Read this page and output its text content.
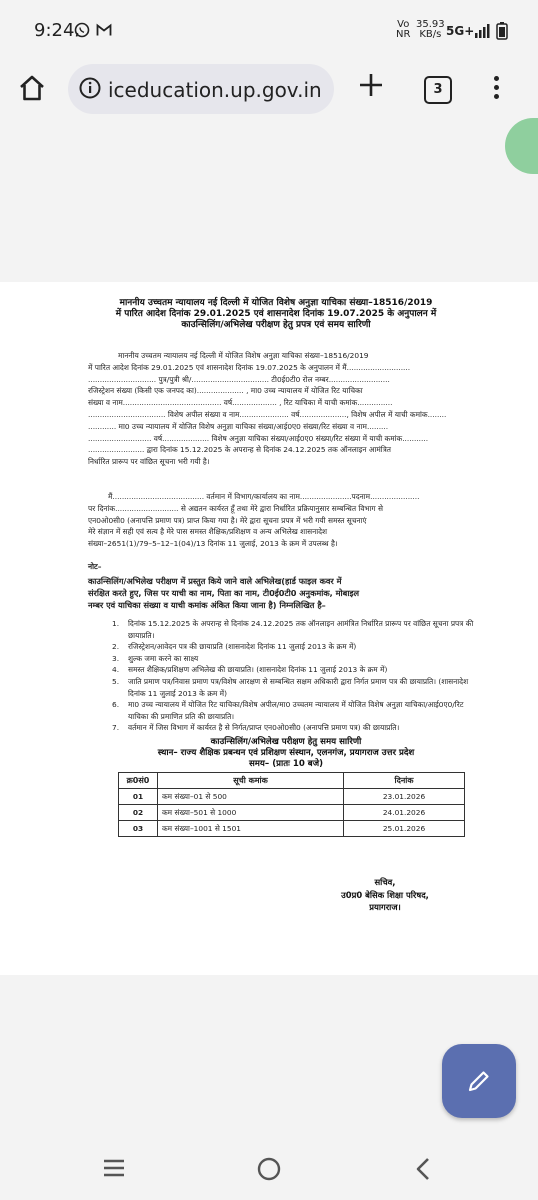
9:24	Vo
NR
35.93
KB/s 5G+
iceducation.up.gov.in	3
माननीय उच्चतम न्यायालय नई दिल्ली में योजित विशेष अनुज्ञा याचिका संख्या–18516/2019
में पारित आदेश दिनांक 29.01.2025 एवं शासनादेश दिनांक 19.07.2025 के अनुपालन में
काउन्सिलिंग/अभिलेख परीक्षण हेतु प्रपत्र एवं समय सारिणी
माननीय उच्चतम न्यायालय नई दिल्ली में योजित विशेष अनुज्ञा याचिका संख्या–18516/2019
में पारित आदेश दिनांक 29.01.2025 एवं शासनादेश दिनांक 19.07.2025 के अनुपालन में मैं...........................
............................. पुत्र/पुत्री श्री/................................. टी0ई0टी0 रोल नम्बर..........................
रजिस्ट्रेशन संख्या (किसी एक जनपद का).................... , मा0 उच्च न्यायालय में योजित रिट याचिका
संख्या व नाम.......................................... वर्ष................... , रिट याचिका में याची कमांक...............
................................. विशेष अपील संख्या व नाम..................... वर्ष...................., विशेष अपील में याची कमांक........
............ मा0 उच्च न्यायालय में योजित विशेष अनुज्ञा याचिका संख्या/आई0ए0 संख्या/रिट संख्या व नाम.........
........................... वर्ष.................... विशेष अनुज्ञा याचिका संख्या/आई0ए0 संख्या/रिट संख्या में याची कमांक...........
........................ द्वारा दिनांक 15.12.2025 के अपरान्ह से दिनांक 24.12.2025 तक ऑनलाइन आमंत्रित
निर्धारित प्रारूप पर वांछित सूचना भरी गयी है।
मैं....................................... वर्तमान में विभाग/कार्यालय का नाम......................पदनाम.....................
पर दिनांक........................... से अद्यतन कार्यरत हूँ तथा मेरे द्वारा निर्धारित प्रक्रियानुसार सम्बन्धित विभाग से
एन0ओ0सी0 (अनापत्ति प्रमाण पत्र) प्राप्त किया गया है। मेरे द्वारा सूचना प्रपत्र में भरी गयी समस्त सूचनाएं
मेरे संज्ञान में सही एवं सत्य है मेरे पास समस्त शैक्षिक/प्रशिक्षण व अन्य अभिलेख शासनादेश
संख्या–2651(1)/79–5–12–1(04)/13 दिनांक 11 जुलाई, 2013 के क्रम में उपलब्ध है।
नोट–
काउन्सिलिंग/अभिलेख परीक्षण में प्रस्तुत किये जाने वाले अभिलेख(हार्ड फाइल कवर में
संरक्षित करते हुए, जिस पर याची का नाम, पिता का नाम, टी0ई0टी0 अनुकमांक, मोबाइल
नम्बर एवं याचिका संख्या व याची कमांक अंकित किया जाना है) निम्नलिखित है–
1. दिनांक 15.12.2025 के अपरान्ह से दिनांक 24.12.2025 तक ऑनलाइन आमंत्रित निर्धारित प्रारूप पर वांछित सूचना प्रपत्र की छायाप्रति।
2. रजिस्ट्रेशन/आवेदन पत्र की छायाप्रति (शासनादेश दिनांक 11 जुलाई 2013 के क्रम में)
3. शुल्क जमा करने का साक्ष्य
4. समस्त शैक्षिक/प्रशिक्षण अभिलेख की छायाप्रति। (शासनादेश दिनांक 11 जुलाई 2013 के क्रम में)
5. जाति प्रमाण पत्र/निवास प्रमाण पत्र/विशेष आरक्षण से सम्बन्धित सक्षम अधिकारी द्वारा निर्गत प्रमाण पत्र की छायाप्रति। (शासनादेश दिनांक 11 जुलाई 2013 के क्रम में)
6. मा0 उच्च न्यायालय में योजित रिट याचिका/विशेष अपील/मा0 उच्चतम न्यायालय में योजित विशेष अनुज्ञा याचिका/आई0ए0/रिट याचिका की प्रमाणित प्रति की छायाप्रति।
7. वर्तमान में जिस विभाग में कार्यरत है से निर्गत/प्राप्त एन0ओ0सी0 (अनापत्ति प्रमाण पत्र) की छायाप्रति।
काउन्सिलिंग/अभिलेख परीक्षण हेतु समय सारिणी
स्थान– राज्य शैक्षिक प्रबन्धन एवं प्रशिक्षण संस्थान, एलनगंज, प्रयागराज उत्तर प्रदेश
समय– (प्रातः 10 बजे)
क्र0सं0	सूची कमांक	दिनांक
01	कम संख्या–01 से 500	23.01.2026
02	कम संख्या–501 से 1000	24.01.2026
03	कम संख्या–1001 से 1501	25.01.2026
सचिव,
उ0प्र0 बेसिक शिक्षा परिषद,
प्रयागराज।
